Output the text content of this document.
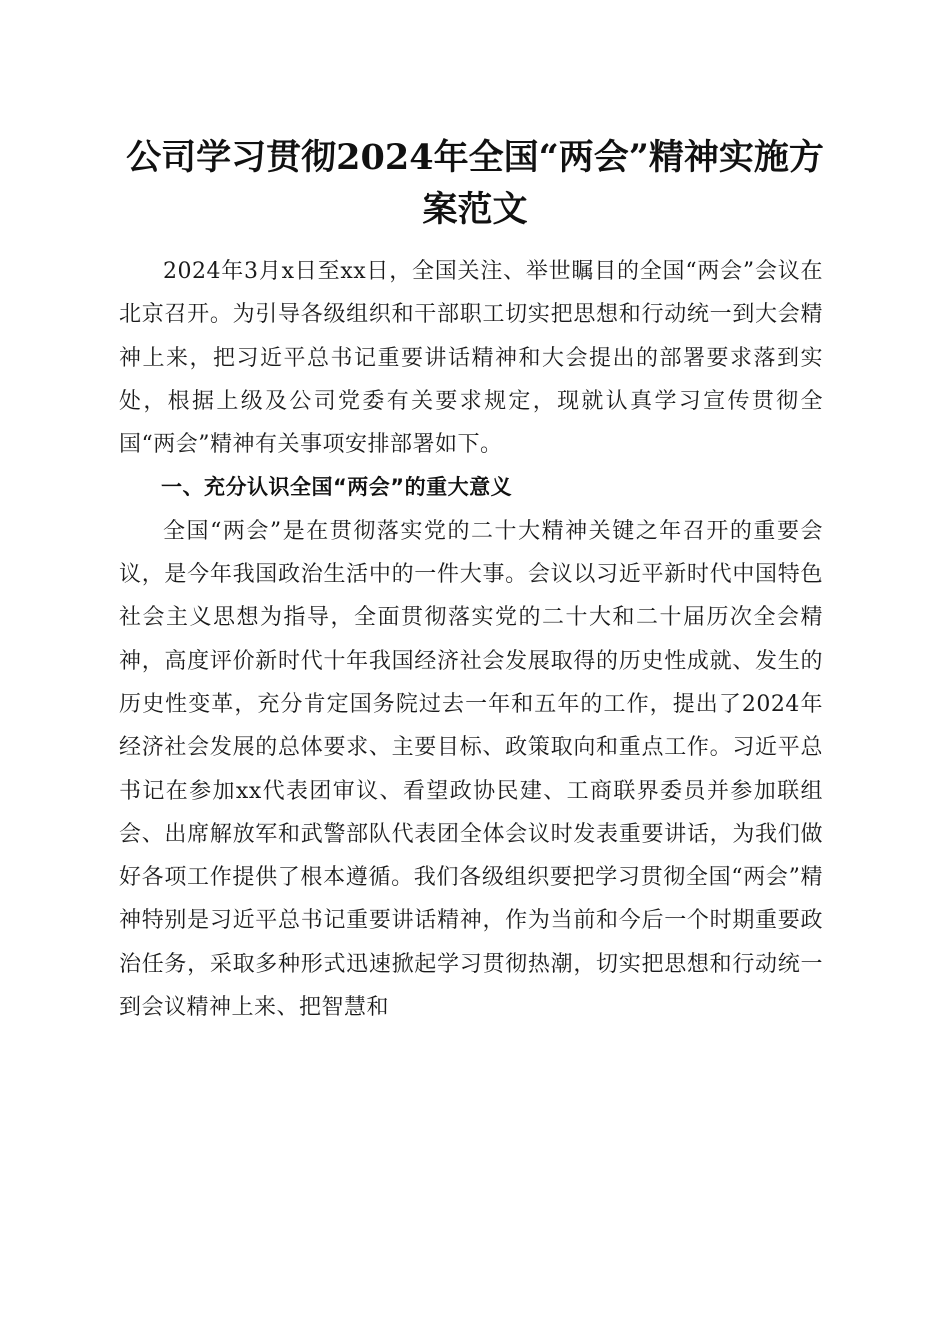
公司学习贯彻2024年全国“两会”精神实施方案范文

2024年3月x日至xx日，全国关注、举世瞩目的全国“两会”会议在北京召开。为引导各级组织和干部职工切实把思想和行动统一到大会精神上来，把习近平总书记重要讲话精神和大会提出的部署要求落到实处，根据上级及公司党委有关要求规定，现就认真学习宣传贯彻全国“两会”精神有关事项安排部署如下。

一、充分认识全国“两会”的重大意义

全国“两会”是在贯彻落实党的二十大精神关键之年召开的重要会议，是今年我国政治生活中的一件大事。会议以习近平新时代中国特色社会主义思想为指导，全面贯彻落实党的二十大和二十届历次全会精神，高度评价新时代十年我国经济社会发展取得的历史性成就、发生的历史性变革，充分肯定国务院过去一年和五年的工作，提出了2024年经济社会发展的总体要求、主要目标、政策取向和重点工作。习近平总书记在参加xx代表团审议、看望政协民建、工商联界委员并参加联组会、出席解放军和武警部队代表团全体会议时发表重要讲话，为我们做好各项工作提供了根本遵循。我们各级组织要把学习贯彻全国“两会”精神特别是习近平总书记重要讲话精神，作为当前和今后一个时期重要政治任务，采取多种形式迅速掀起学习贯彻热潮，切实把思想和行动统一到会议精神上来、把智慧和
